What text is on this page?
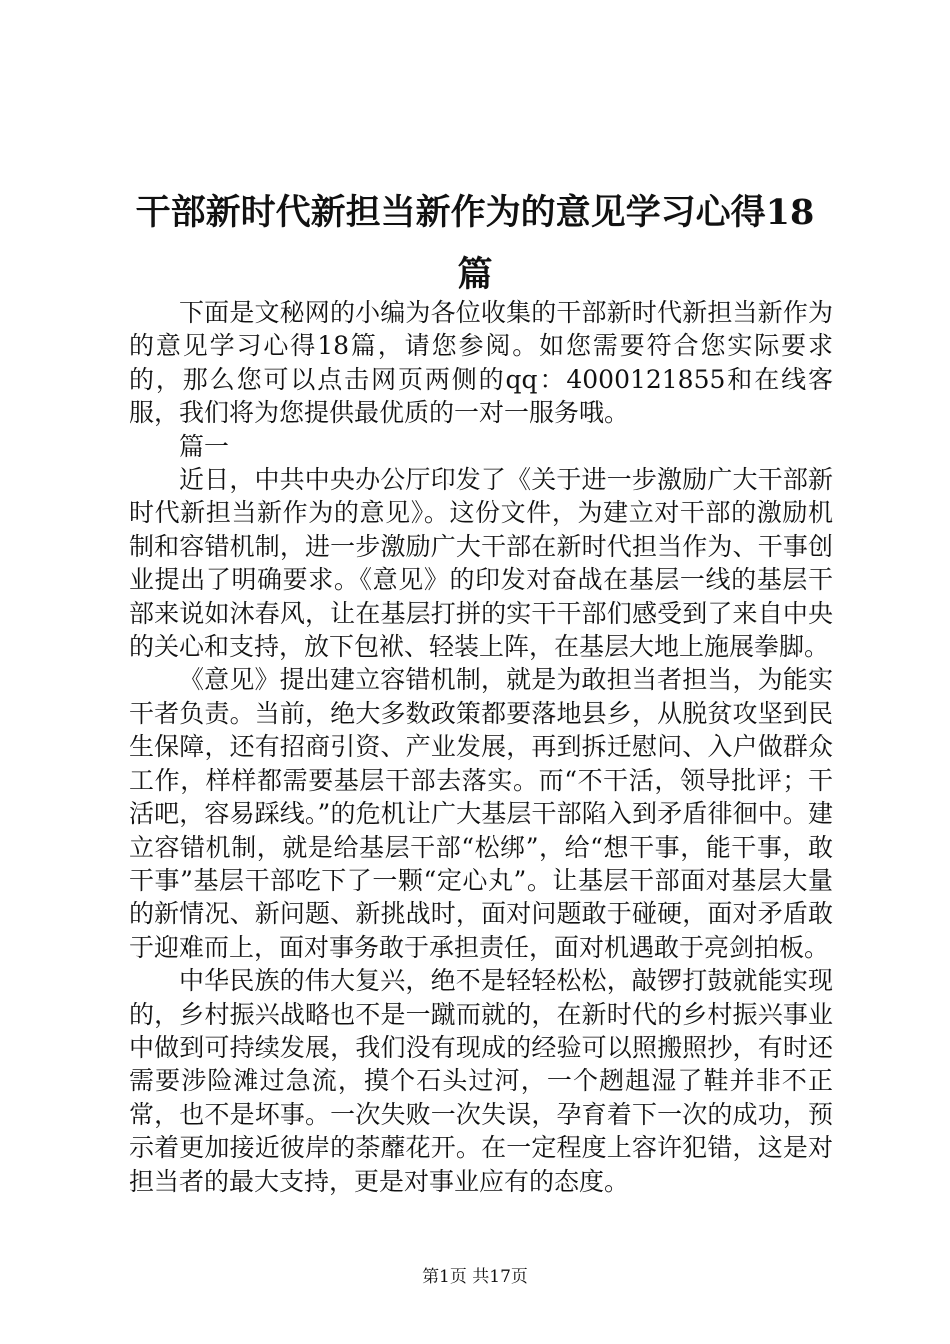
干部新时代新担当新作为的意见学习心得18篇

下面是文秘网的小编为各位收集的干部新时代新担当新作为的意见学习心得18篇，请您参阅。如您需要符合您实际要求的，那么您可以点击网页两侧的qq：4000121855和在线客服，我们将为您提供最优质的一对一服务哦。

篇一

近日，中共中央办公厅印发了《关于进一步激励广大干部新时代新担当新作为的意见》。这份文件，为建立对干部的激励机制和容错机制，进一步激励广大干部在新时代担当作为、干事创业提出了明确要求。《意见》的印发对奋战在基层一线的基层干部来说如沐春风，让在基层打拼的实干干部们感受到了来自中央的关心和支持，放下包袱、轻装上阵，在基层大地上施展拳脚。

《意见》提出建立容错机制，就是为敢担当者担当，为能实干者负责。当前，绝大多数政策都要落地县乡，从脱贫攻坚到民生保障，还有招商引资、产业发展，再到拆迁慰问、入户做群众工作，样样都需要基层干部去落实。而“不干活，领导批评；干活吧，容易踩线。”的危机让广大基层干部陷入到矛盾徘徊中。建立容错机制，就是给基层干部“松绑”，给“想干事，能干事，敢干事”基层干部吃下了一颗“定心丸”。让基层干部面对基层大量的新情况、新问题、新挑战时，面对问题敢于碰硬，面对矛盾敢于迎难而上，面对事务敢于承担责任，面对机遇敢于亮剑拍板。

中华民族的伟大复兴，绝不是轻轻松松，敲锣打鼓就能实现的，乡村振兴战略也不是一蹴而就的，在新时代的乡村振兴事业中做到可持续发展，我们没有现成的经验可以照搬照抄，有时还需要涉险滩过急流，摸个石头过河，一个趔趄湿了鞋并非不正常，也不是坏事。一次失败一次失误，孕育着下一次的成功，预示着更加接近彼岸的荼蘼花开。在一定程度上容许犯错，这是对担当者的最大支持，更是对事业应有的态度。

第1页 共17页
